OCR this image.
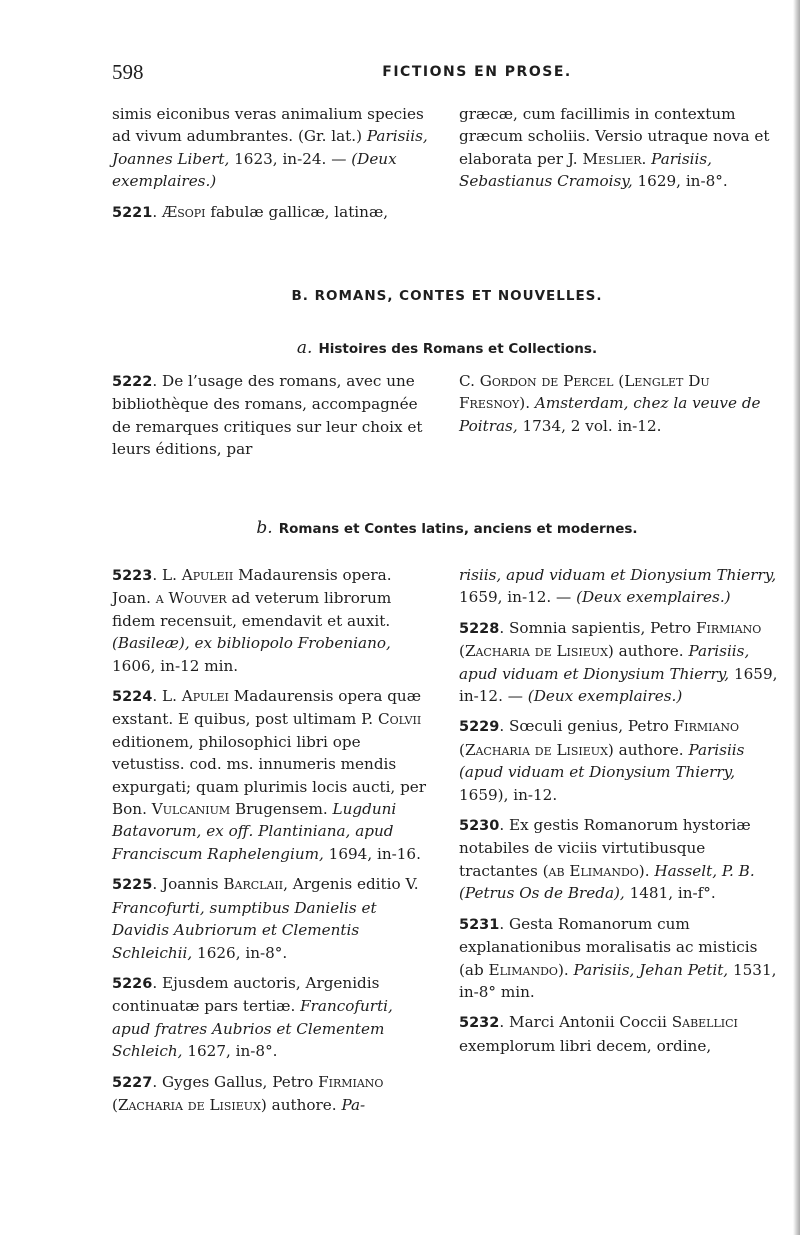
598	FICTIONS EN PROSE.

simis eiconibus veras animalium species ad vivum adumbrantes. (Gr. lat.) Parisiis, Joannes Libert, 1623, in-24. — (Deux exemplaires.)

5221. Æsopi fabulæ gallicæ, latinæ,

græcæ, cum facillimis in contextum græcum scholiis. Versio utraque nova et elaborata per J. Meslier. Parisiis, Sebastianus Cramoisy, 1629, in-8°.

B. ROMANS, CONTES ET NOUVELLES.
a. Histoires des Romans et Collections.

5222. De l’usage des romans, avec une bibliothèque des romans, accompagnée de remarques critiques sur leur choix et leurs éditions, par

C. Gordon de Percel (Lenglet Du Fresnoy). Amsterdam, chez la veuve de Poitras, 1734, 2 vol. in-12.

b. Romans et Contes latins, anciens et modernes.

5223. L. Apuleii Madaurensis opera. Joan. a Wouver ad veterum librorum fidem recensuit, emendavit et auxit. (Basileæ), ex bibliopolo Frobeniano, 1606, in-12 min.

5224. L. Apulei Madaurensis opera quæ exstant. E quibus, post ultimam P. Colvii editionem, philosophici libri ope vetustiss. cod. ms. innumeris mendis expurgati; quam plurimis locis aucti, per Bon. Vulcanium Brugensem. Lugduni Batavorum, ex off. Plantiniana, apud Franciscum Raphelengium, 1694, in-16.

5225. Joannis Barclaii, Argenis editio V. Francofurti, sumptibus Danielis et Davidis Aubriorum et Clementis Schleichii, 1626, in-8°.

5226. Ejusdem auctoris, Argenidis continuatæ pars tertiæ. Francofurti, apud fratres Aubrios et Clementem Schleich, 1627, in-8°.

5227. Gyges Gallus, Petro Firmiano (Zacharia de Lisieux) authore. Pa-

risiis, apud viduam et Dionysium Thierry, 1659, in-12. — (Deux exemplaires.)

5228. Somnia sapientis, Petro Firmiano (Zacharia de Lisieux) authore. Parisiis, apud viduam et Dionysium Thierry, 1659, in-12. — (Deux exemplaires.)

5229. Sœculi genius, Petro Firmiano (Zacharia de Lisieux) authore. Parisiis (apud viduam et Dionysium Thierry, 1659), in-12.

5230. Ex gestis Romanorum hystoriæ notabiles de viciis virtutibusque tractantes (ab Elimando). Hasselt, P. B. (Petrus Os de Breda), 1481, in-f°.

5231. Gesta Romanorum cum explanationibus moralisatis ac misticis (ab Elimando). Parisiis, Jehan Petit, 1531, in-8° min.

5232. Marci Antonii Coccii Sabellici exemplorum libri decem, ordine,
